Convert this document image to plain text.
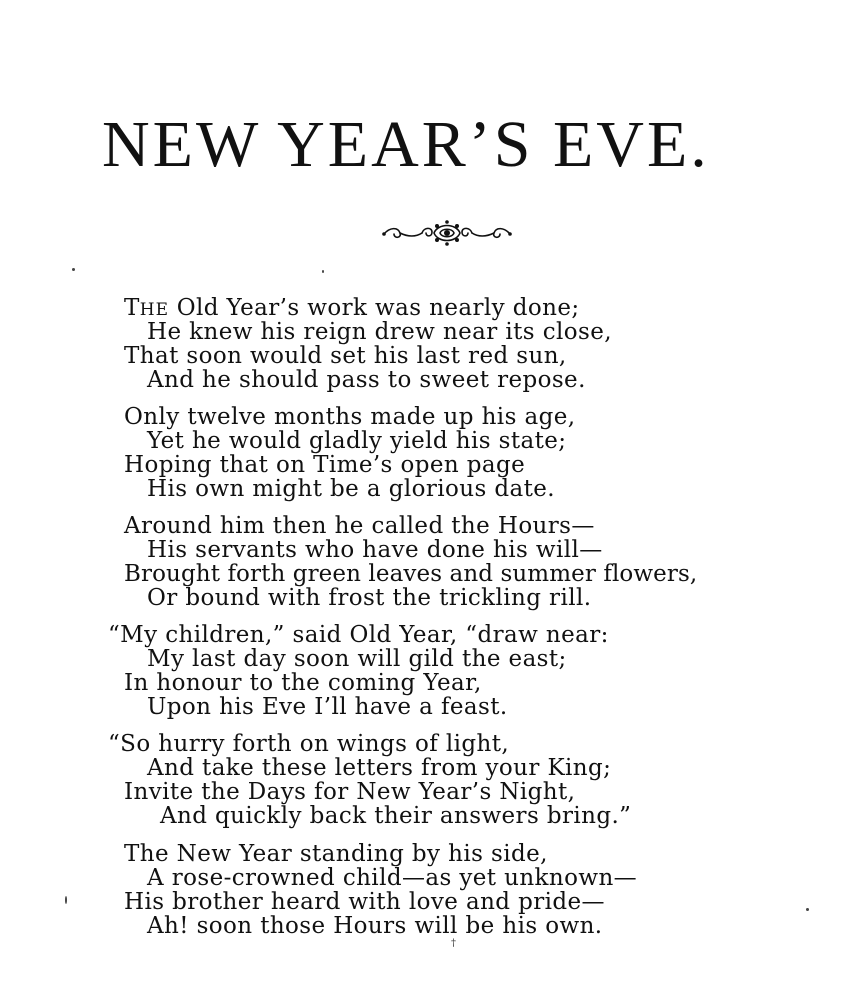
NEW YEAR’S EVE.
THE Old Year’s work was nearly done;
He knew his reign drew near its close,
That soon would set his last red sun,
And he should pass to sweet repose.
Only twelve months made up his age,
Yet he would gladly yield his state;
Hoping that on Time’s open page
His own might be a glorious date.
Around him then he called the Hours—
His servants who have done his will—
Brought forth green leaves and summer flowers,
Or bound with frost the trickling rill.
“My children,” said Old Year, “draw near:
My last day soon will gild the east;
In honour to the coming Year,
Upon his Eve I’ll have a feast.
“So hurry forth on wings of light,
And take these letters from your King;
Invite the Days for New Year’s Night,
And quickly back their answers bring.”
The New Year standing by his side,
A rose-crowned child—as yet unknown—
His brother heard with love and pride—
Ah! soon those Hours will be his own.
†
